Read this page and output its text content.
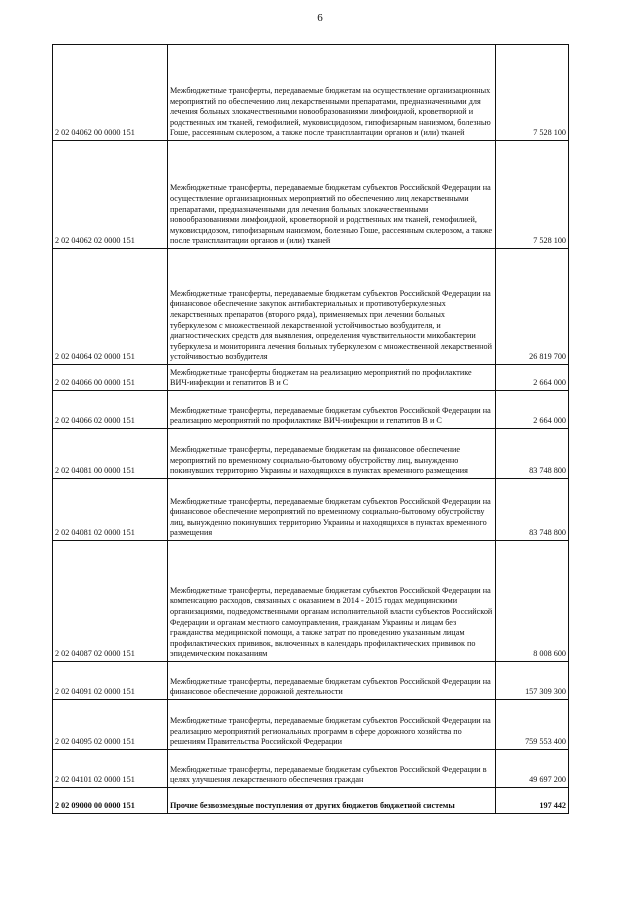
6
2 02 04062 00 0000 151	Межбюджетные трансферты, передаваемые бюджетам на осуществление организационных мероприятий по обеспечению лиц лекарственными препаратами, предназначенными для лечения больных злокачественными новообразованиями лимфоидной, кроветворной и родственных им тканей, гемофилией, муковисцидозом, гипофизарным нанизмом, болезнью Гоше, рассеянным склерозом, а также после трансплантации органов и (или) тканей	7 528 100
2 02 04062 02 0000 151	Межбюджетные трансферты, передаваемые бюджетам субъектов Российской Федерации на осуществление организационных мероприятий по обеспечению лиц лекарственными препаратами, предназначенными для лечения больных злокачественными новообразованиями лимфоидной, кроветворной и родственных им тканей, гемофилией, муковисцидозом, гипофизарным нанизмом, болезнью Гоше, рассеянным склерозом, а также после трансплантации органов и (или) тканей	7 528 100
2 02 04064 02 0000 151	Межбюджетные трансферты, передаваемые бюджетам субъектов Российской Федерации на финансовое обеспечение закупок антибактериальных и противотуберкулезных лекарственных препаратов (второго ряда), применяемых при лечении больных туберкулезом с множественной лекарственной устойчивостью возбудителя, и диагностических средств для выявления, определения чувствительности микобактерии туберкулеза и мониторинга лечения больных туберкулезом с множественной лекарственной устойчивостью возбудителя	26 819 700
2 02 04066 00 0000 151	Межбюджетные трансферты бюджетам на реализацию мероприятий по профилактике ВИЧ-инфекции и гепатитов B и C	2 664 000
2 02 04066 02 0000 151	Межбюджетные трансферты, передаваемые бюджетам субъектов Российской Федерации на реализацию мероприятий по профилактике ВИЧ-инфекции и гепатитов B и C	2 664 000
2 02 04081 00 0000 151	Межбюджетные трансферты, передаваемые бюджетам на финансовое обеспечение мероприятий по временному социально-бытовому обустройству лиц, вынужденно покинувших территорию Украины и находящихся в пунктах временного размещения	83 748 800
2 02 04081 02 0000 151	Межбюджетные трансферты, передаваемые бюджетам субъектов Российской Федерации на финансовое обеспечение мероприятий по временному социально-бытовому обустройству лиц, вынужденно покинувших территорию Украины и находящихся в пунктах временного размещения	83 748 800
2 02 04087 02 0000 151	Межбюджетные трансферты, передаваемые бюджетам субъектов Российской Федерации на компенсацию расходов, связанных с оказанием в 2014 - 2015 годах медицинскими организациями, подведомственными органам исполнительной власти субъектов Российской Федерации и органам местного самоуправления, гражданам Украины и лицам без гражданства медицинской помощи, а также затрат по проведению указанным лицам профилактических прививок, включенных в календарь профилактических прививок по эпидемическим показаниям	8 008 600
2 02 04091 02 0000 151	Межбюджетные трансферты, передаваемые бюджетам субъектов Российской Федерации на финансовое обеспечение дорожной деятельности	157 309 300
2 02 04095 02 0000 151	Межбюджетные трансферты, передаваемые бюджетам субъектов Российской Федерации на реализацию мероприятий региональных программ в сфере дорожного хозяйства по решениям Правительства Российской Федерации	759 553 400
2 02 04101 02 0000 151	Межбюджетные трансферты, передаваемые бюджетам субъектов Российской Федерации в целях улучшения лекарственного обеспечения граждан	49 697 200
2 02 09000 00 0000 151	Прочие безвозмездные поступления от других бюджетов бюджетной системы	197 442
